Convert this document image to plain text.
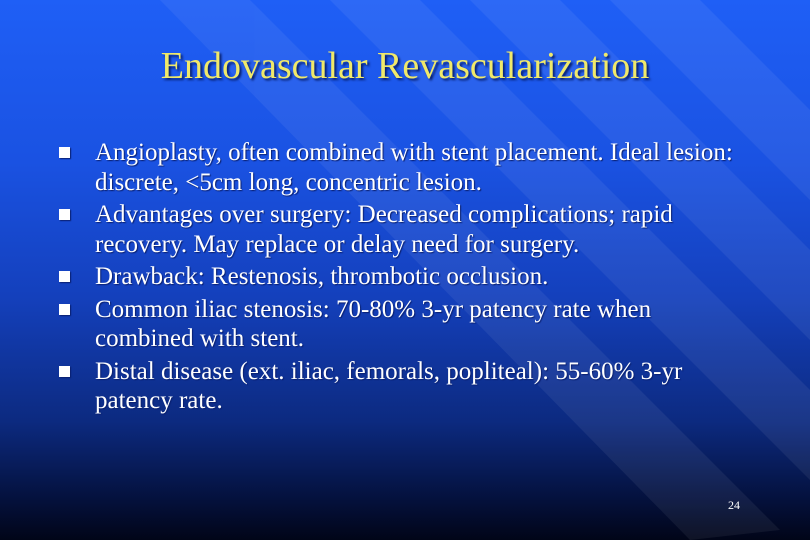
Endovascular Revascularization
Angioplasty, often combined with stent placement. Ideal lesion: discrete, <5cm long, concentric lesion.
Advantages over surgery: Decreased complications; rapid recovery. May replace or delay need for surgery.
Drawback: Restenosis, thrombotic occlusion.
Common iliac stenosis: 70-80% 3-yr patency rate when combined with stent.
Distal disease (ext. iliac, femorals, popliteal): 55-60% 3-yr patency rate.
24
